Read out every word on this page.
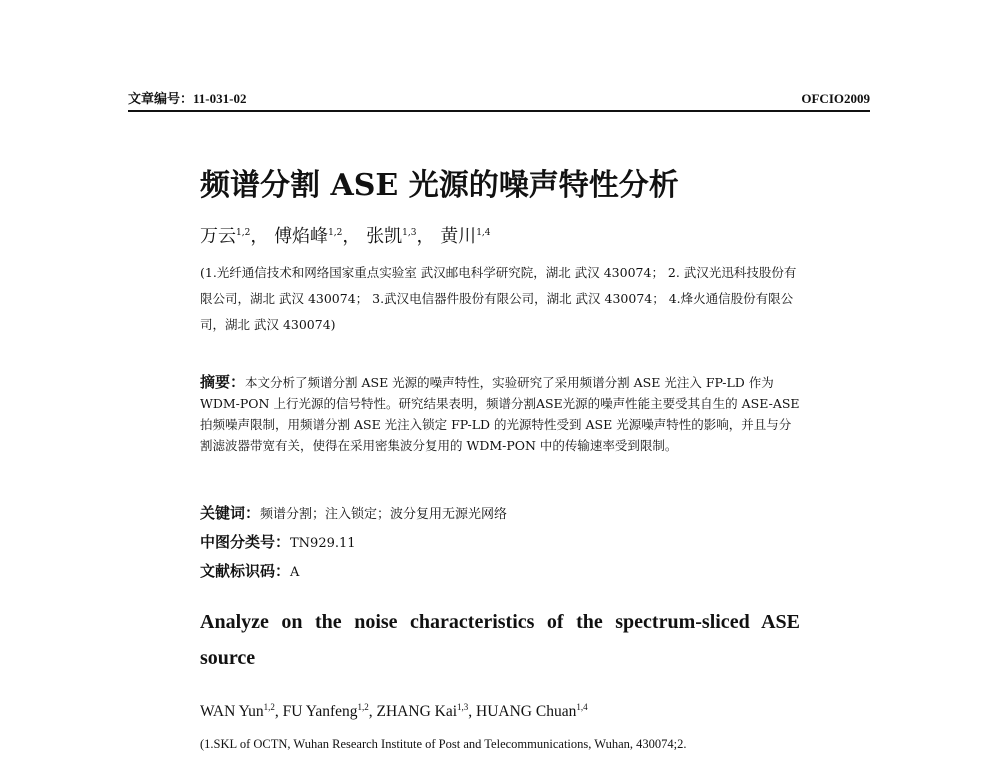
文章编号：11-031-02	OFCIO2009
频谱分割 ASE 光源的噪声特性分析
万云$^{1,2}$， 傅焰峰$^{1,2}$， 张凯$^{1,3}$， 黄川$^{1,4}$
(1.光纤通信技术和网络国家重点实验室 武汉邮电科学研究院，湖北 武汉 430074； 2. 武汉光迅科技股份有限公司，湖北 武汉 430074； 3.武汉电信器件股份有限公司，湖北 武汉 430074； 4.烽火通信股份有限公司，湖北 武汉 430074)
摘要：本文分析了频谱分割 ASE 光源的噪声特性，实验研究了采用频谱分割 ASE 光注入 FP-LD 作为 WDM-PON 上行光源的信号特性。研究结果表明，频谱分割ASE光源的噪声性能主要受其自生的 ASE-ASE 拍频噪声限制，用频谱分割 ASE 光注入锁定 FP-LD 的光源特性受到 ASE 光源噪声特性的影响，并且与分割滤波器带宽有关，使得在采用密集波分复用的 WDM-PON 中的传输速率受到限制。
关键词：频谱分割；注入锁定；波分复用无源光网络
中图分类号：TN929.11
文献标识码：A
Analyze on the noise characteristics of the spectrum-sliced ASE source
WAN Yun$^{1,2}$, FU Yanfeng$^{1,2}$, ZHANG Kai$^{1,3}$, HUANG Chuan$^{1,4}$
(1.SKL of OCTN, Wuhan Research Institute of Post and Telecommunications, Wuhan, 430074;2.
